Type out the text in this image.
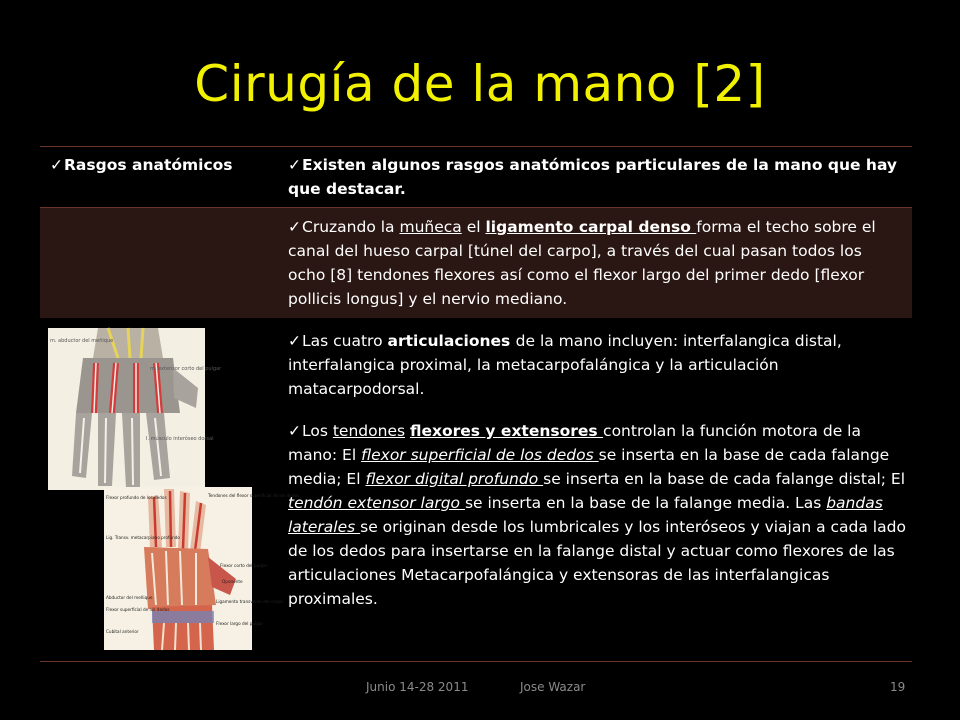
Cirugía de la mano [2]
✓Rasgos anatómicos	✓Existen algunos rasgos anatómicos particulares de la mano que hay que destacar.
✓Cruzando la muñeca el ligamento carpal denso forma el techo sobre el canal del hueso carpal [túnel del carpo], a través del cual pasan todos los ocho [8] tendones flexores así como el flexor largo del primer dedo [flexor pollicis longus] y el nervio mediano.
✓Las cuatro articulaciones de la mano incluyen: interfalangica distal, interfalangica proximal, la metacarpofalángica y la articulación matacarpodorsal.
✓Los tendones flexores y extensores controlan la función motora de la mano: El flexor superficial de los dedos se inserta en la base de cada falange media; El flexor digital profundo se inserta en la base de cada falange distal; El tendón extensor largo se inserta en la base de la falange media. Las bandas laterales se originan desde los lumbricales y los interóseos y viajan a cada lado de los dedos para insertarse en la falange distal y actuar como flexores de las articulaciones Metacarpofalángica y extensoras de las interfalangicas proximales.
m. abductor del meñique
m. extensor corto del pulgar
I. músculo interóseo dorsal
Flexor profundo de los dedos
Lig. Transv. metacarpiano profundo
Abductor del meñique
Flexor superficial de los dedos
Cubital anterior
Tendones del flexor superficial de los dedos
Flexor corto del pulgar
Oponente
Ligamento transverso del carpo
Flexor largo del pulgar
Junio 14-28 2011	Jose Wazar	19
